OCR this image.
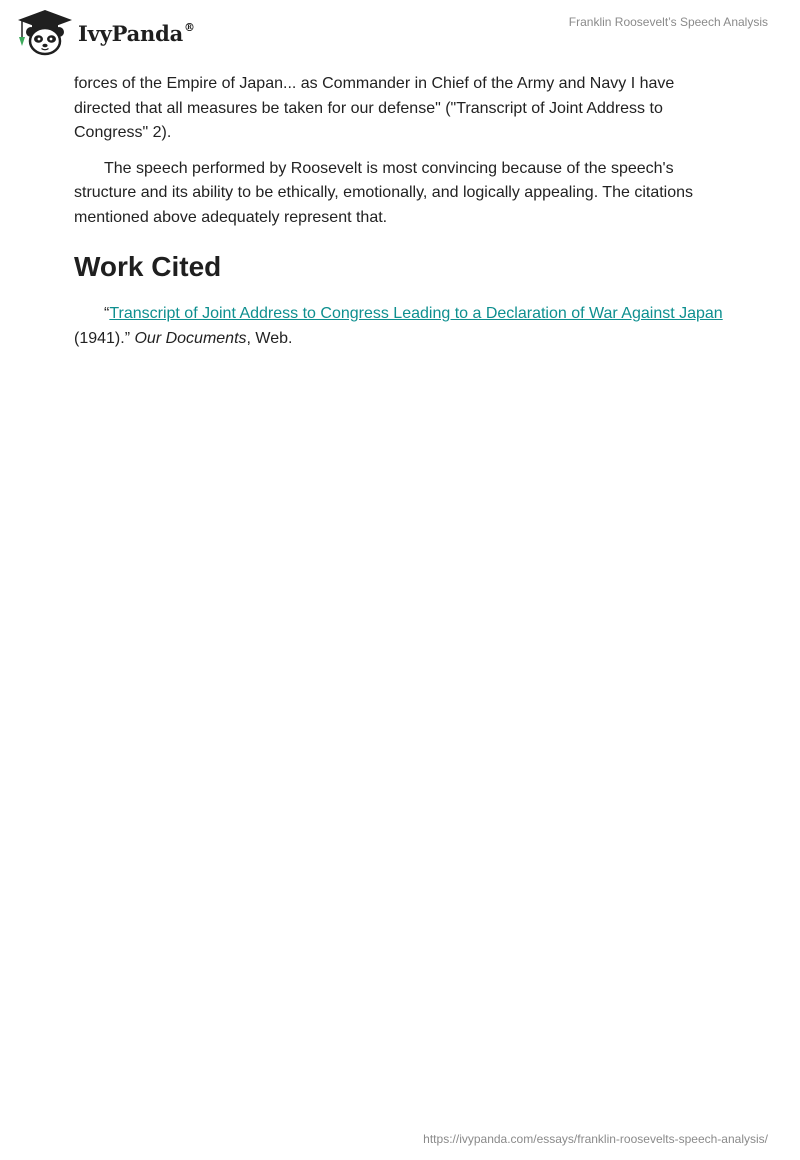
IvyPanda®	Franklin Roosevelt’s Speech Analysis

forces of the Empire of Japan... as Commander in Chief of the Army and Navy I have directed that all measures be taken for our defense" ("Transcript of Joint Address to Congress" 2).

The speech performed by Roosevelt is most convincing because of the speech's structure and its ability to be ethically, emotionally, and logically appealing. The citations mentioned above adequately represent that.

Work Cited

“Transcript of Joint Address to Congress Leading to a Declaration of War Against Japan (1941).” Our Documents, Web.

https://ivypanda.com/essays/franklin-roosevelts-speech-analysis/
